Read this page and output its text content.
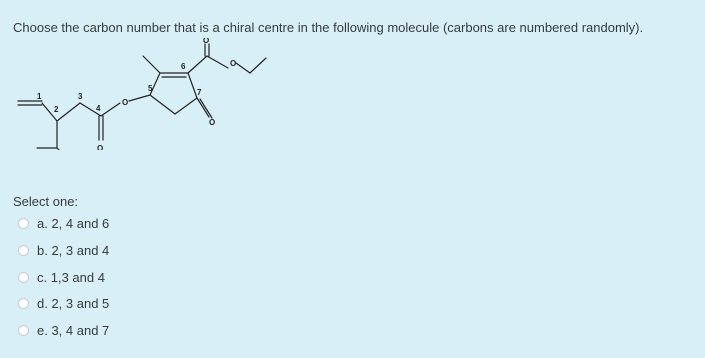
Choose the carbon number that is a chiral centre in the following molecule (carbons are numbered randomly).
1
2
3
4
5
6
7
O
O
O
O
O
Select one:
a. 2, 4 and 6
b. 2, 3 and 4
c. 1,3 and 4
d. 2, 3 and 5
e. 3, 4 and 7
